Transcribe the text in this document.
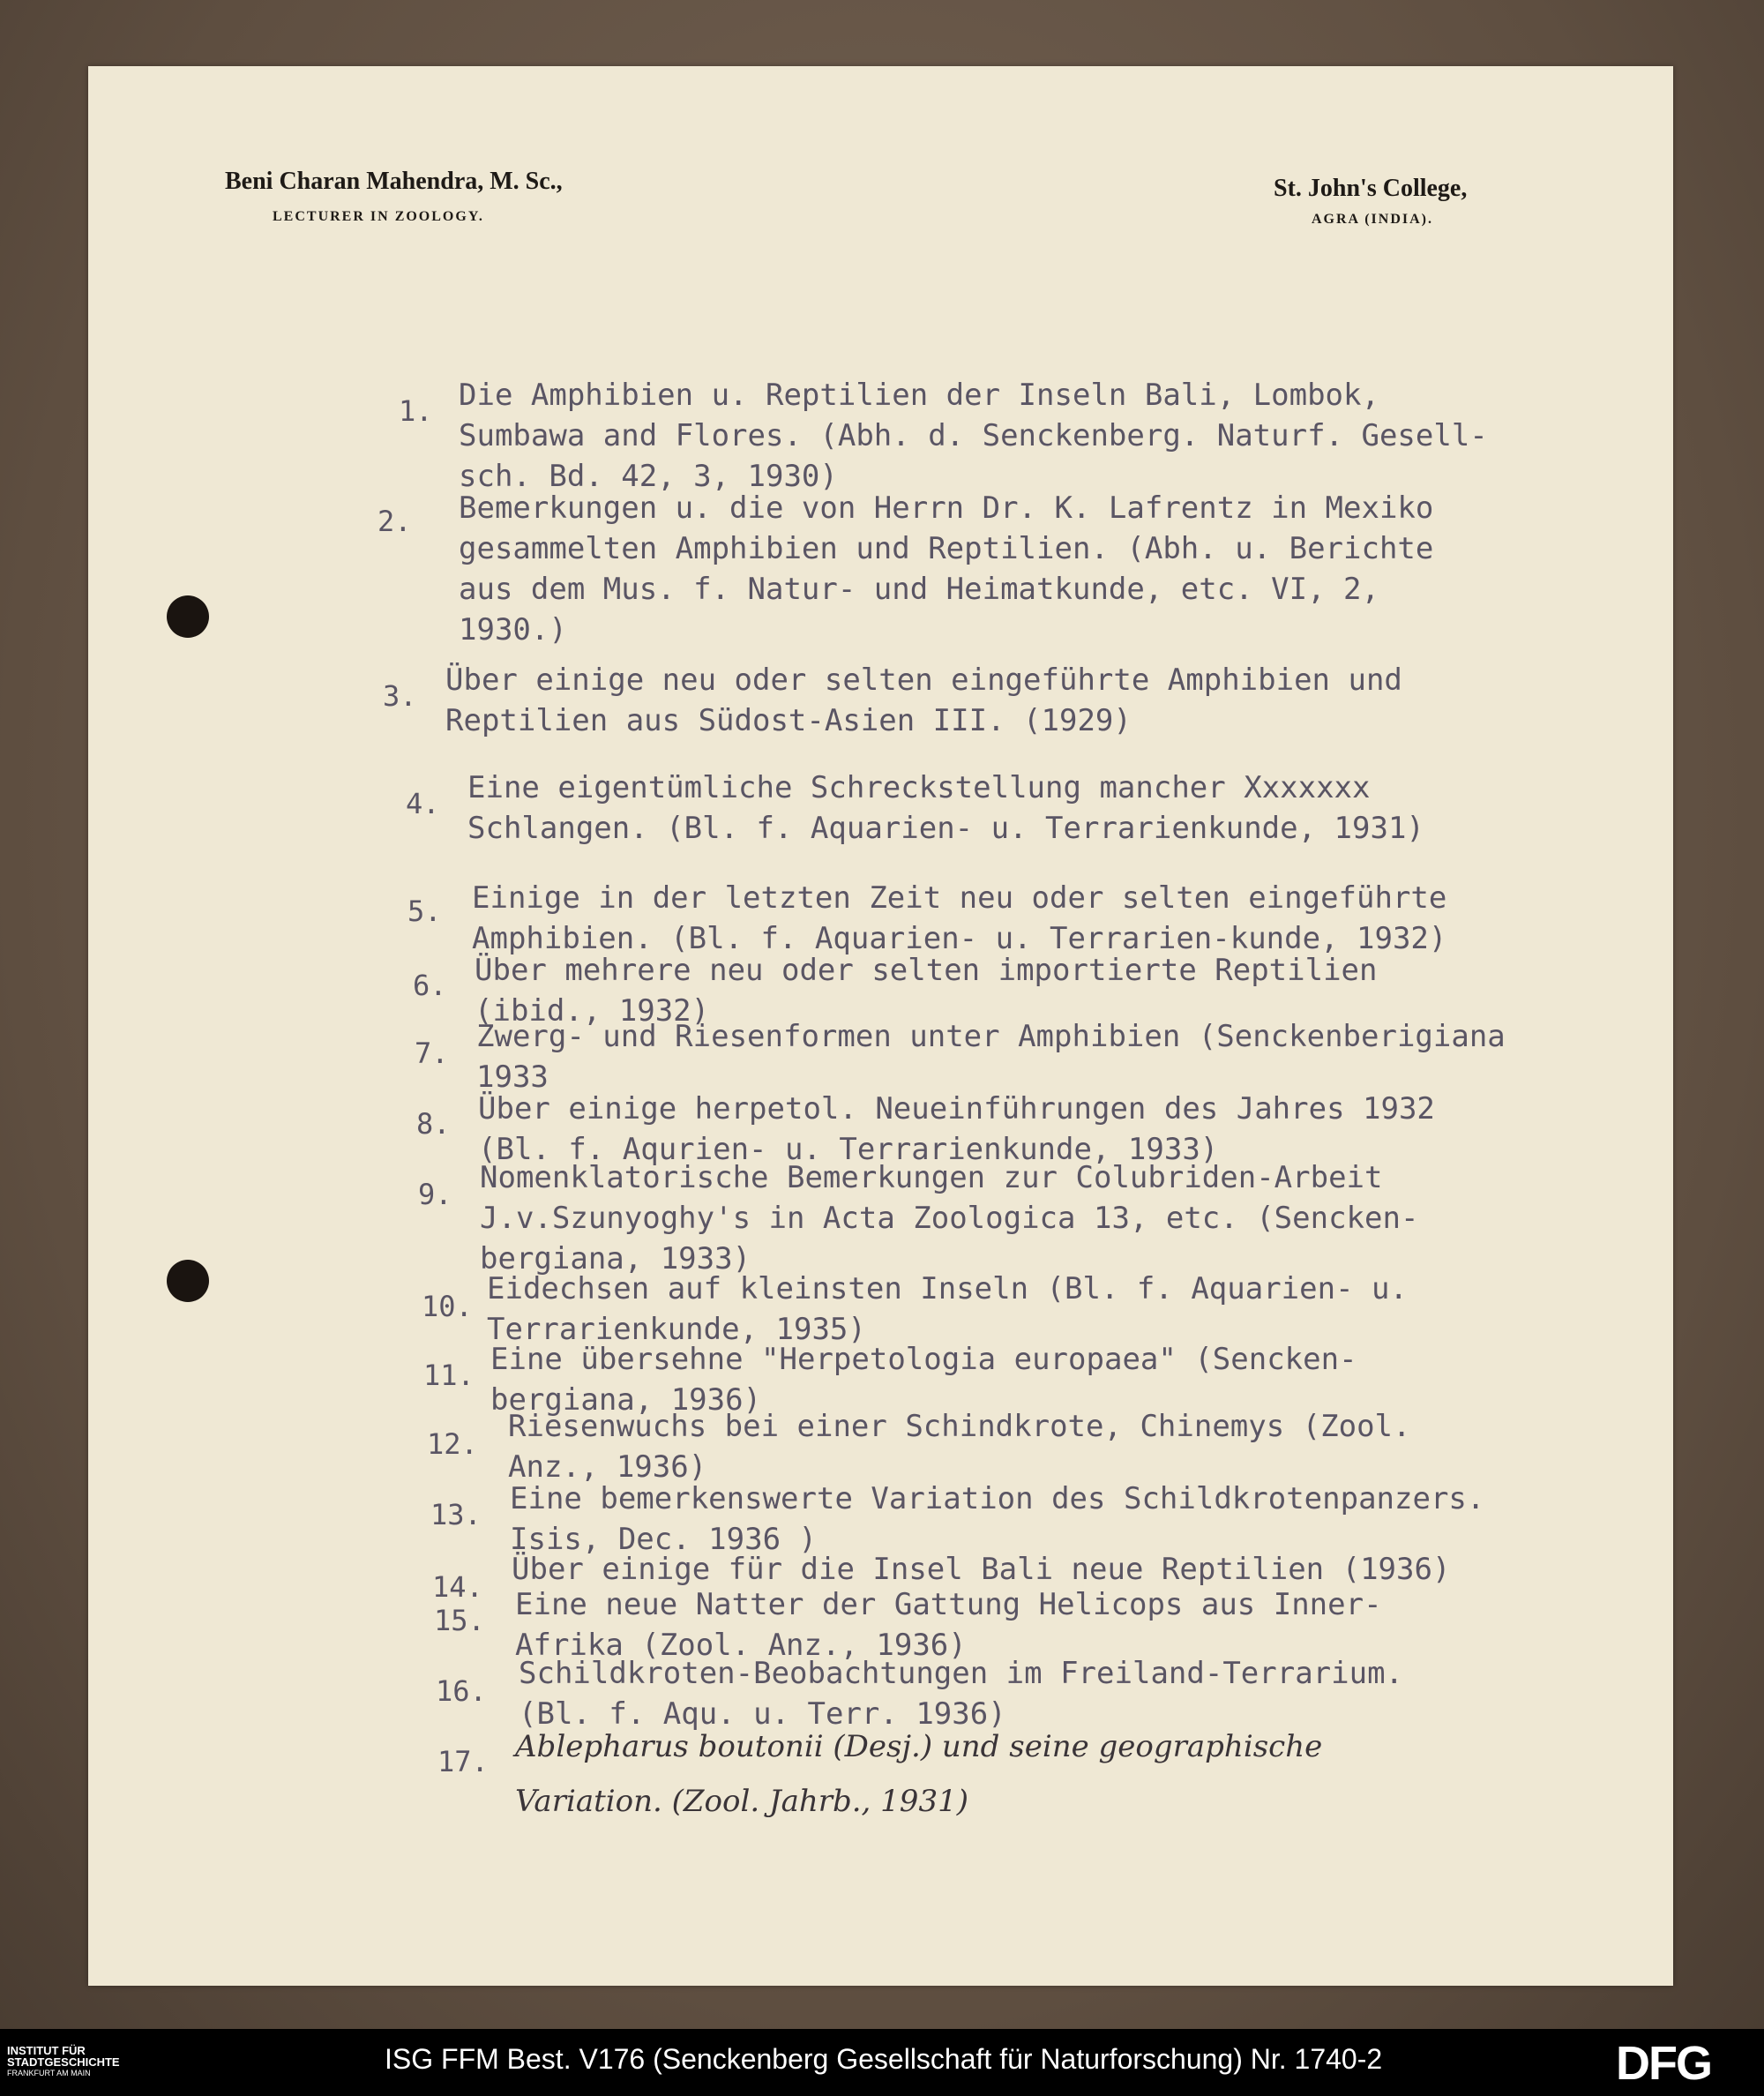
Beni Charan Mahendra, M. Sc.,
LECTURER IN ZOOLOGY.
St. John's College,
AGRA (INDIA).
1. Die Amphibien u. Reptilien der Inseln Bali, Lombok,
Sumbawa and Flores. (Abh. d. Senckenberg. Naturf. Gesell-
sch. Bd. 42, 3, 1930)
2. Bemerkungen u. die von Herrn Dr. K. Lafrentz in Mexiko
gesammelten Amphibien und Reptilien. (Abh. u. Berichte
aus dem Mus. f. Natur- und Heimatkunde, etc. VI, 2,
1930.)
3. Über einige neu oder selten eingeführte Amphibien und
Reptilien aus Südost-Asien III. (1929)
4. Eine eigentümliche Schreckstellung mancher Xxxxxxx
Schlangen. (Bl. f. Aquarien- u. Terrarienkunde, 1931)
5. Einige in der letzten Zeit neu oder selten eingeführte
Amphibien. (Bl. f. Aquarien- u. Terrarien-kunde, 1932)
6. Über mehrere neu oder selten importierte Reptilien
(ibid., 1932)
7. Zwerg- und Riesenformen unter Amphibien (Senckenberigiana
1933
8. Über einige herpetol. Neueinführungen des Jahres 1932
(Bl. f. Aqurien- u. Terrarienkunde, 1933)
9. Nomenklatorische Bemerkungen zur Colubriden-Arbeit
J.v.Szunyoghy's in Acta Zoologica 13, etc. (Sencken-
bergiana, 1933)
10. Eidechsen auf kleinsten Inseln (Bl. f. Aquarien- u.
Terrarienkunde, 1935)
11. Eine übersehne "Herpetologia europaea" (Sencken-
bergiana, 1936)
12. Riesenwuchs bei einer Schindkrote, Chinemys (Zool.
Anz., 1936)
13. Eine bemerkenswerte Variation des Schildkrotenpanzers.
Isis, Dec. 1936 )
14. Über einige für die Insel Bali neue Reptilien (1936)
15. Eine neue Natter der Gattung Helicops aus Inner-
Afrika (Zool. Anz., 1936)
16. Schildkroten-Beobachtungen im Freiland-Terrarium.
(Bl. f. Aqu. u. Terr. 1936)
17. Ablepharus boutonii (Desj.) und seine geographische
Variation. (Zool. Jahrb., 1931)
INSTITUT FÜR
STADTGESCHICHTE
FRANKFURT AM MAIN	ISG FFM Best. V176 (Senckenberg Gesellschaft für Naturforschung) Nr. 1740-2	DFG
